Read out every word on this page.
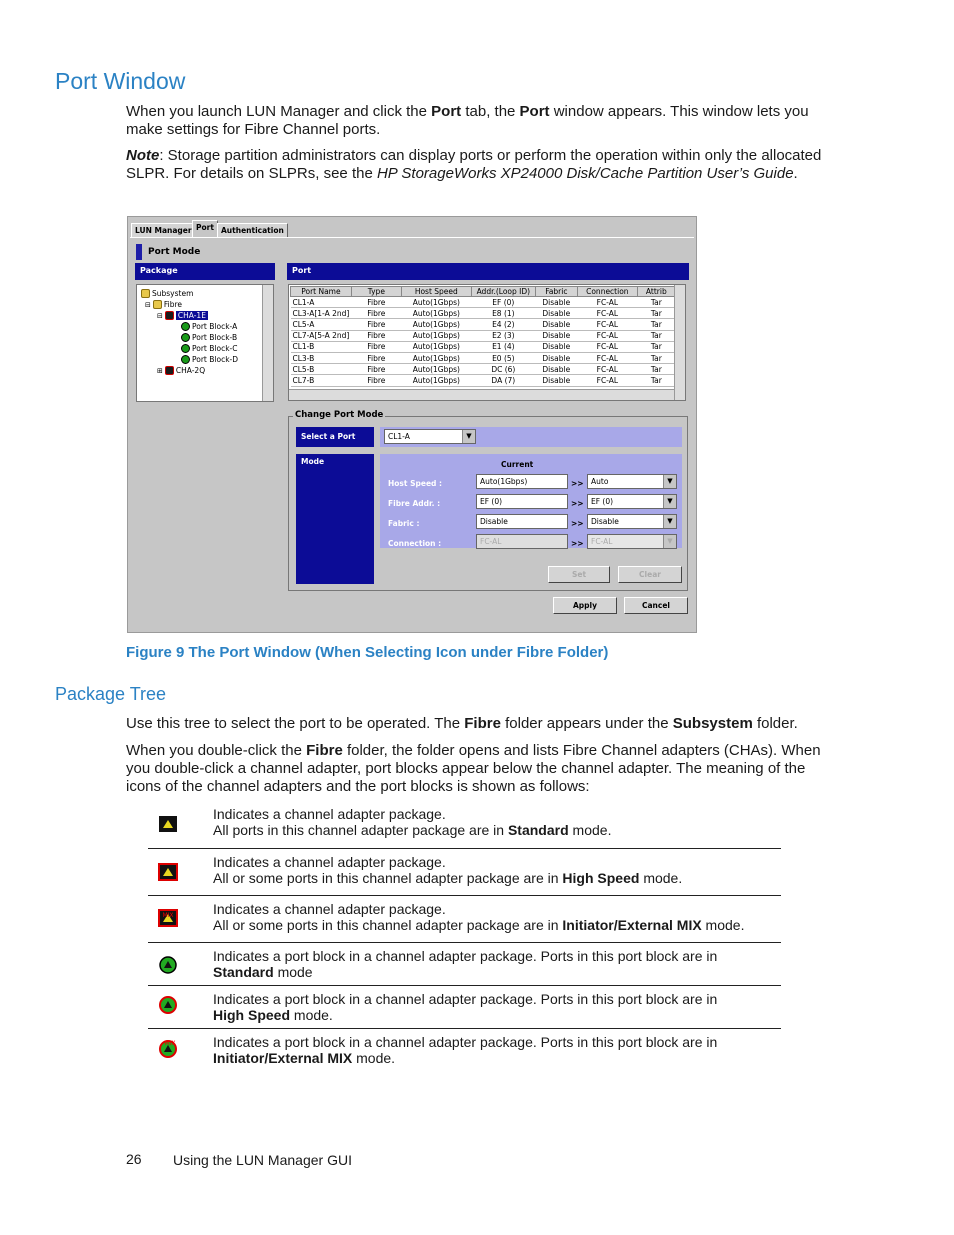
Port Window

When you launch LUN Manager and click the Port tab, the Port window appears. This window lets you make settings for Fibre Channel ports.

Note: Storage partition administrators can display ports or perform the operation within only the allocated SLPR. For details on SLPRs, see the HP StorageWorks XP24000 Disk/Cache Partition User’s Guide.

LUN Manager Port Authentication
Port Mode
Package	Port
Subsystem
⊟ Fibre
⊟ CHA-1E
Port Block-A
Port Block-B
Port Block-C
Port Block-D
⊞ CHA-2Q
Port Name	Type	Host Speed	Addr.(Loop ID)	Fabric	Connection	Attrib
CL1-A	Fibre	Auto(1Gbps)	EF (0)	Disable	FC-AL	Tar
CL3-A[1-A 2nd]	Fibre	Auto(1Gbps)	E8 (1)	Disable	FC-AL	Tar
CL5-A	Fibre	Auto(1Gbps)	E4 (2)	Disable	FC-AL	Tar
CL7-A[5-A 2nd]	Fibre	Auto(1Gbps)	E2 (3)	Disable	FC-AL	Tar
CL1-B	Fibre	Auto(1Gbps)	E1 (4)	Disable	FC-AL	Tar
CL3-B	Fibre	Auto(1Gbps)	E0 (5)	Disable	FC-AL	Tar
CL5-B	Fibre	Auto(1Gbps)	DC (6)	Disable	FC-AL	Tar
CL7-B	Fibre	Auto(1Gbps)	DA (7)	Disable	FC-AL	Tar
Change Port Mode
Select a Port	CL1-A	▼
Mode	Current
Host Speed :	Auto(1Gbps)	>> Auto	▼
Fibre Addr. :	EF (0)	>> EF (0)	▼
Fabric :	Disable	>> Disable	▼
Connection :	FC-AL	>> FC-AL	▼
Set	Clear
Apply	Cancel
Figure 9 The Port Window (When Selecting Icon under Fibre Folder)
Package Tree

Use this tree to select the port to be operated. The Fibre folder appears under the Subsystem folder.

When you double-click the Fibre folder, the folder opens and lists Fibre Channel adapters (CHAs). When you double-click a channel adapter, port blocks appear below the channel adapter. The meaning of the icons of the channel adapters and the port blocks is shown as follows:

Indicates a channel adapter package.
All ports in this channel adapter package are in Standard mode.
Indicates a channel adapter package.
All or some ports in this channel adapter package are in High Speed mode.
MIX	Indicates a channel adapter package.
All or some ports in this channel adapter package are in Initiator/External MIX mode.
Indicates a port block in a channel adapter package. Ports in this port block are in
Standard mode
Indicates a port block in a channel adapter package. Ports in this port block are in
High Speed mode.
MIX	Indicates a port block in a channel adapter package. Ports in this port block are in
Initiator/External MIX mode.
26 Using the LUN Manager GUI
